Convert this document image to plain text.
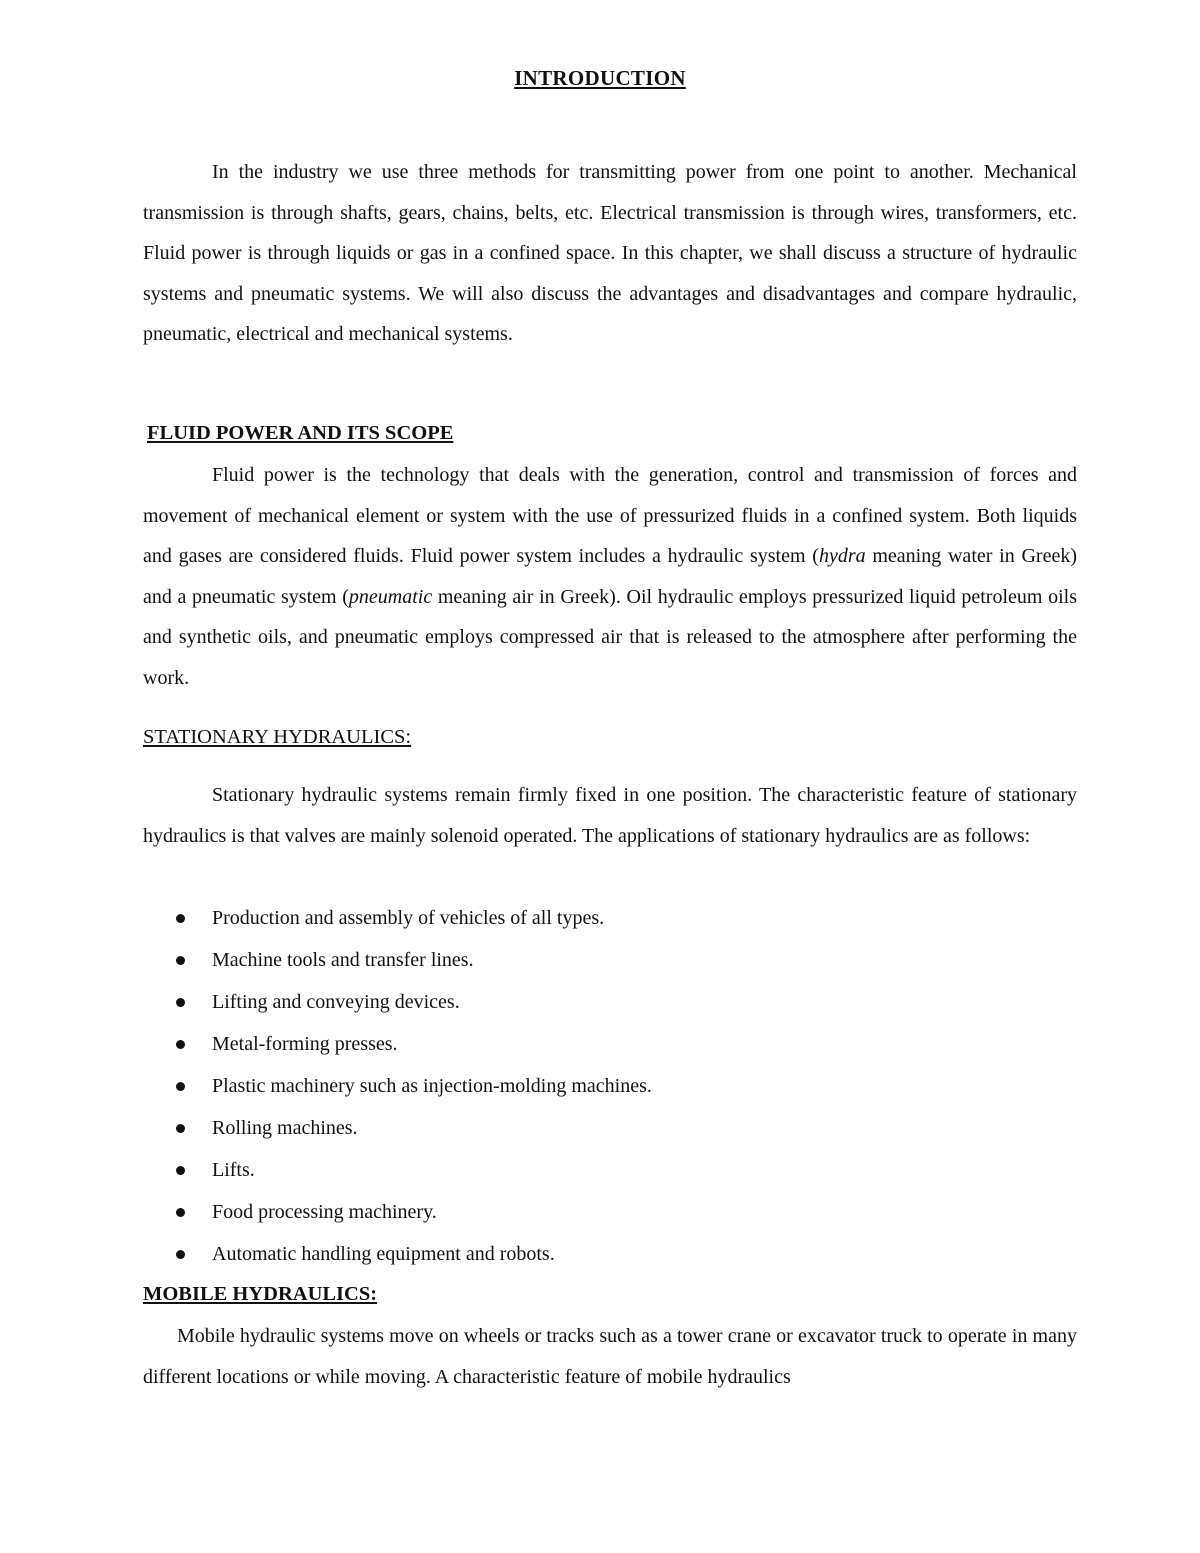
INTRODUCTION

In the industry we use three methods for transmitting power from one point to another. Mechanical transmission is through shafts, gears, chains, belts, etc. Electrical transmission is through wires, transformers, etc. Fluid power is through liquids or gas in a confined space. In this chapter, we shall discuss a structure of hydraulic systems and pneumatic systems. We will also discuss the advantages and disadvantages and compare hydraulic, pneumatic, electrical and mechanical systems.

FLUID POWER AND ITS SCOPE

Fluid power is the technology that deals with the generation, control and transmission of forces and movement of mechanical element or system with the use of pressurized fluids in a confined system. Both liquids and gases are considered fluids. Fluid power system includes a hydraulic system (hydra meaning water in Greek) and a pneumatic system (pneumatic meaning air in Greek). Oil hydraulic employs pressurized liquid petroleum oils and synthetic oils, and pneumatic employs compressed air that is released to the atmosphere after performing the work.

STATIONARY HYDRAULICS:

Stationary hydraulic systems remain firmly fixed in one position. The characteristic feature of stationary hydraulics is that valves are mainly solenoid operated. The applications of stationary hydraulics are as follows:

Production and assembly of vehicles of all types.
Machine tools and transfer lines.
Lifting and conveying devices.
Metal-forming presses.
Plastic machinery such as injection-molding machines.
Rolling machines.
Lifts.
Food processing machinery.
Automatic handling equipment and robots.
MOBILE HYDRAULICS:

Mobile hydraulic systems move on wheels or tracks such as a tower crane or excavator truck to operate in many different locations or while moving. A characteristic feature of mobile hydraulics
